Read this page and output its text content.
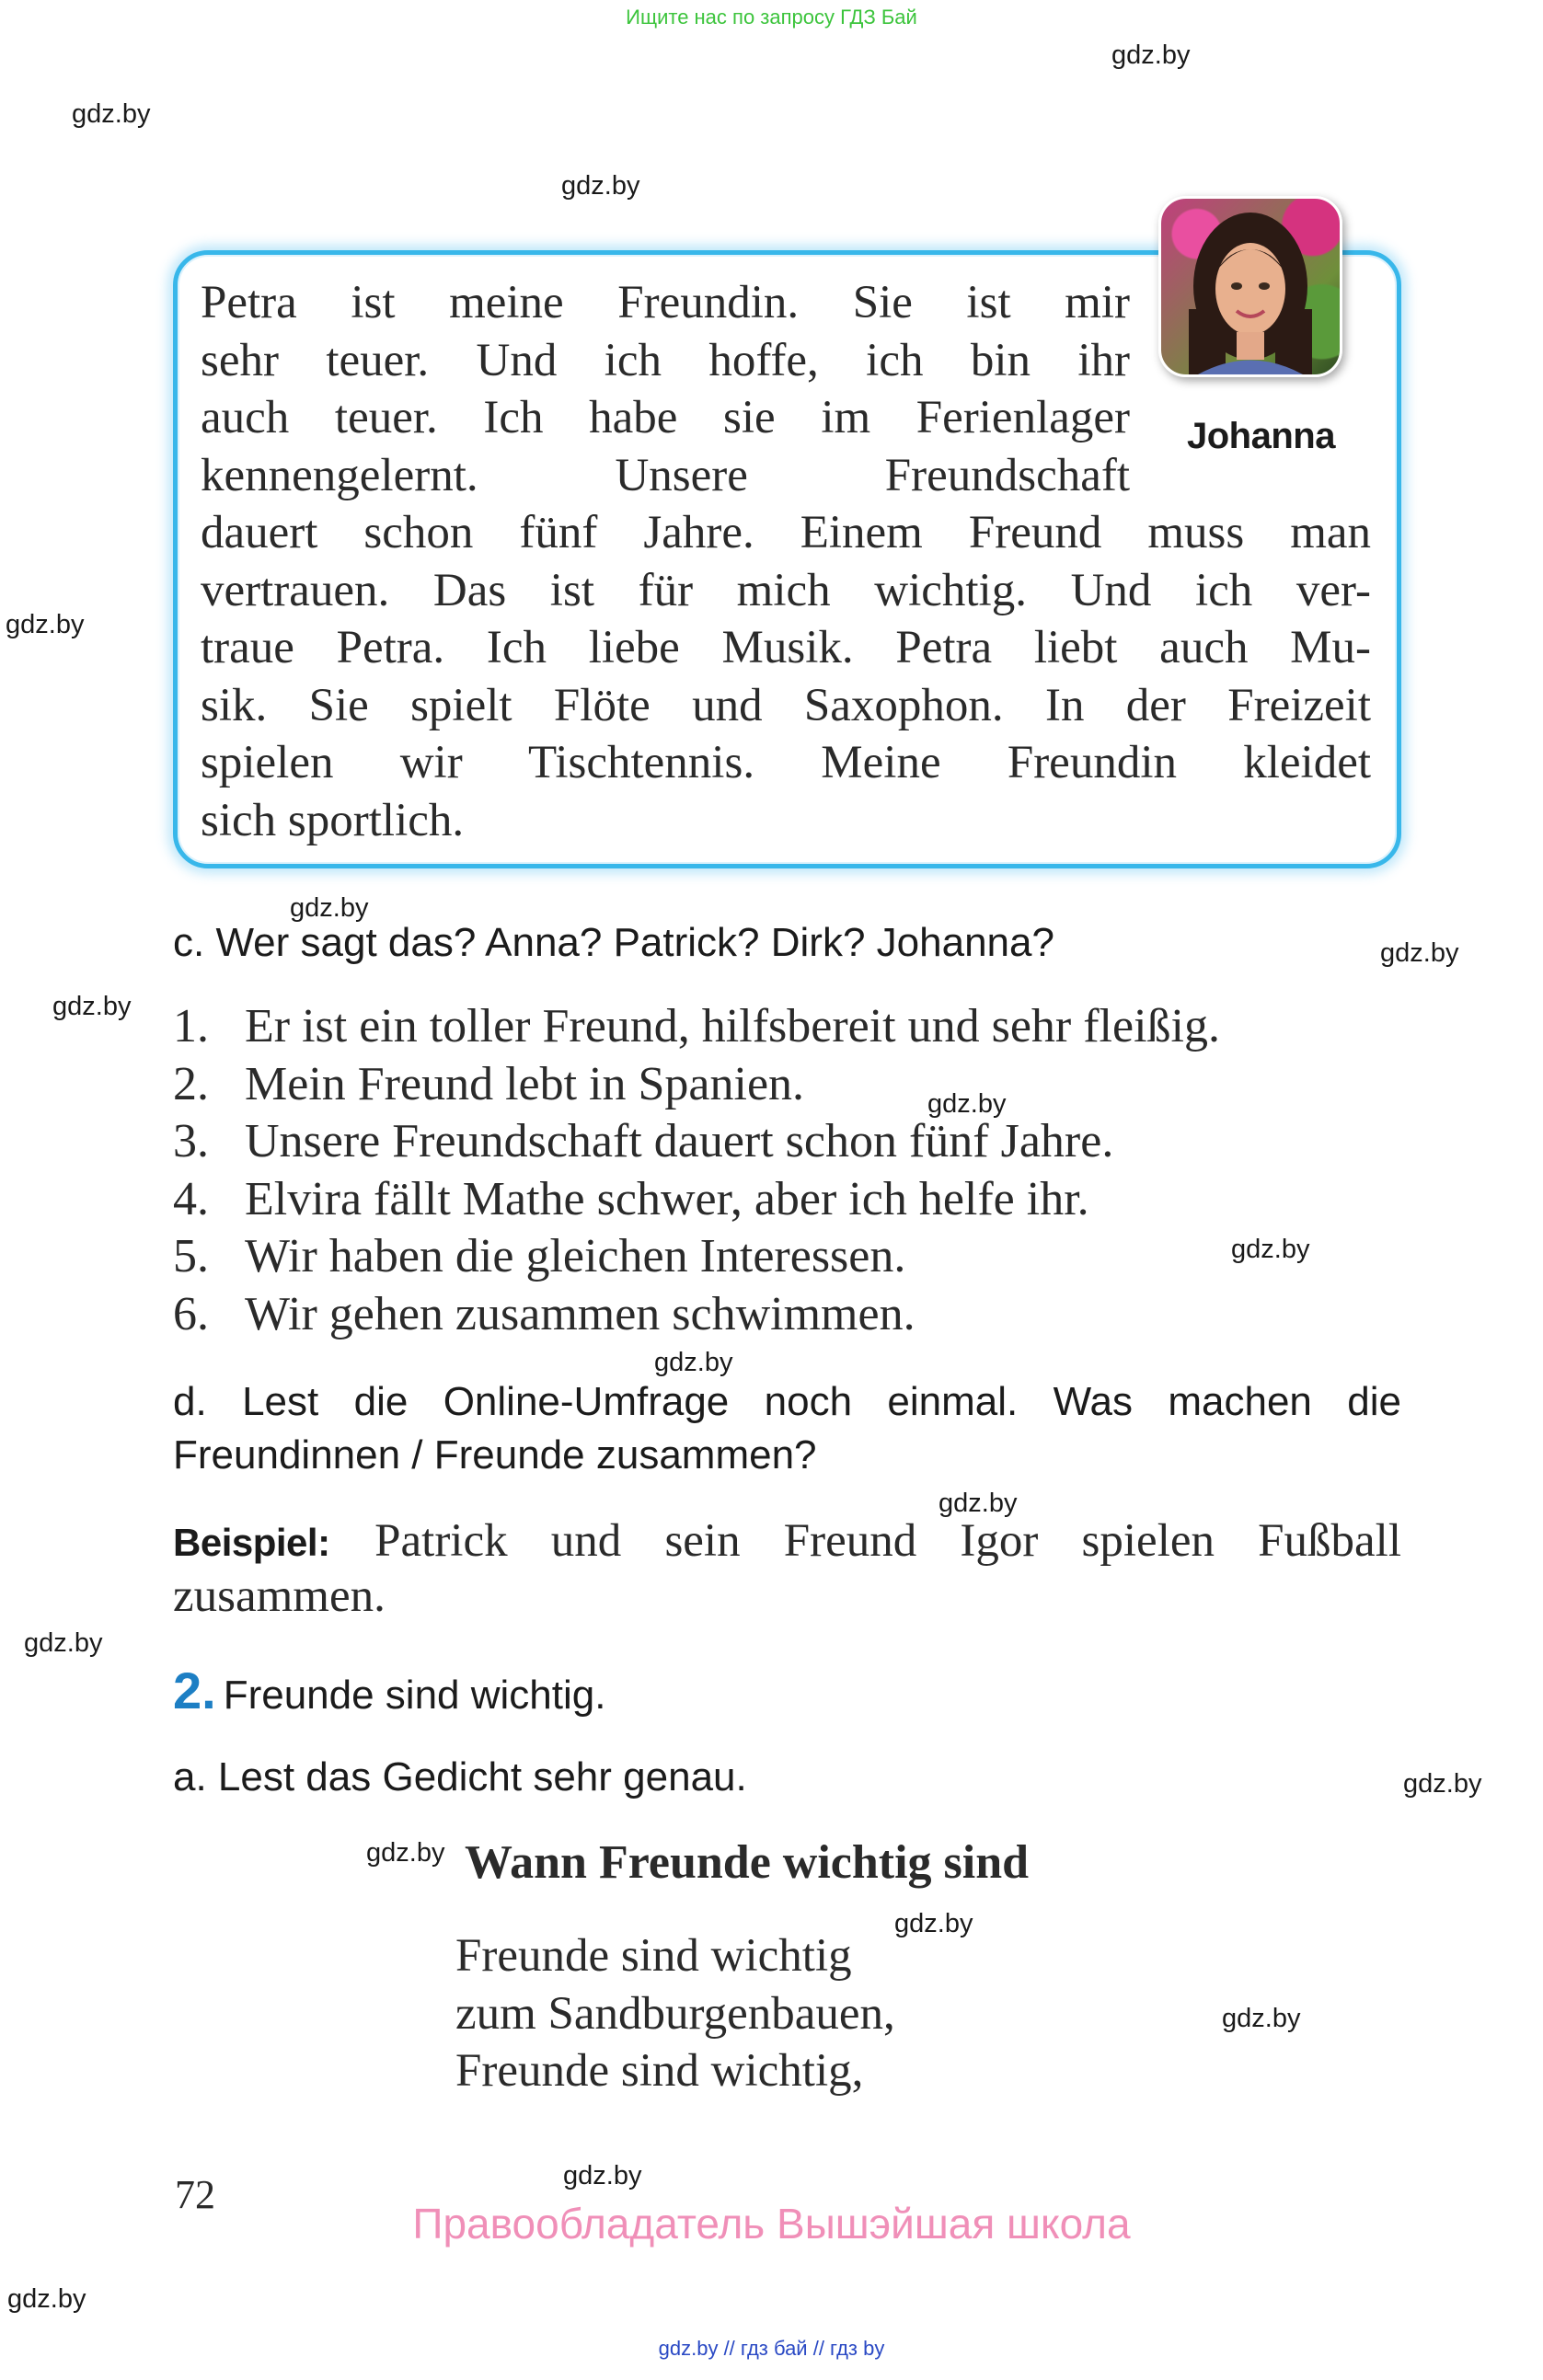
Ищите нас по запросу ГДЗ Бай
gdz.by
gdz.by
gdz.by
gdz.by
gdz.by
gdz.by
gdz.by
gdz.by
gdz.by
gdz.by
gdz.by
gdz.by
gdz.by
gdz.by
gdz.by
gdz.by
gdz.by
gdz.by
Petra ist meine Freundin. Sie ist mir
sehr teuer. Und ich hoffe, ich bin ihr
auch teuer. Ich habe sie im Ferienlager
kennengelernt. Unsere Freundschaft
dauert schon fünf Jahre. Einem Freund muss man
vertrauen. Das ist für mich wichtig. Und ich ver-
traue Petra. Ich liebe Musik. Petra liebt auch Mu-
sik. Sie spielt Flöte und Saxophon. In der Freizeit
spielen wir Tischtennis. Meine Freundin kleidet
sich sportlich.
Johanna
c. Wer sagt das? Anna? Patrick? Dirk? Johanna?
1. Er ist ein toller Freund, hilfsbereit und sehr fleißig.
2. Mein Freund lebt in Spanien.
3. Unsere Freundschaft dauert schon fünf Jahre.
4. Elvira fällt Mathe schwer, aber ich helfe ihr.
5. Wir haben die gleichen Interessen.
6. Wir gehen zusammen schwimmen.
d. Lest die Online-Umfrage noch einmal. Was machen die
Freundinnen / Freunde zusammen?
Beispiel: Patrick und sein Freund Igor spielen Fußball
zusammen.
2. Freunde sind wichtig.
a. Lest das Gedicht sehr genau.
Wann Freunde wichtig sind
Freunde sind wichtig
zum Sandburgenbauen,
Freunde sind wichtig,
72
Правообладатель Вышэйшая школа
gdz.by // гдз бай // гдз by
